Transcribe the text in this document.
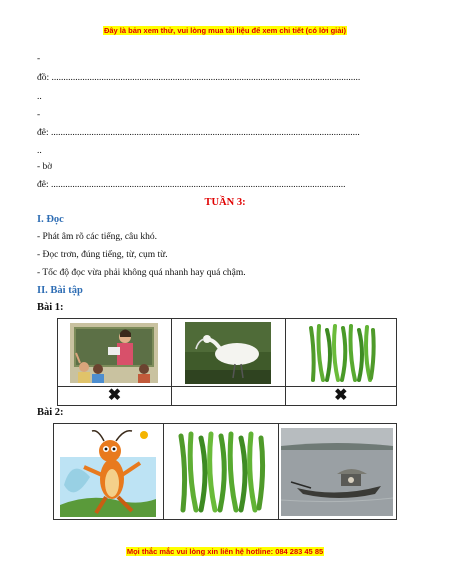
Đây là bản xem thử, vui lòng mua tài liệu để xem chi tiết (có lời giải)
-
đồ: ..................................................................................................................................
..
-
đê: ..................................................................................................................................
..
- bờ
đê: ............................................................................................................................
TUẦN 3:
I. Đọc
- Phát âm rõ các tiếng, câu khó.
- Đọc trơn, đúng tiếng, từ, cụm từ.
- Tốc độ đọc vừa phải không quá nhanh hay quá chậm.
II. Bài tập
Bài 1:

✖		✖
Bài 2:

Mọi thắc mắc vui lòng xin liên hệ hotline: 084 283 45 85
